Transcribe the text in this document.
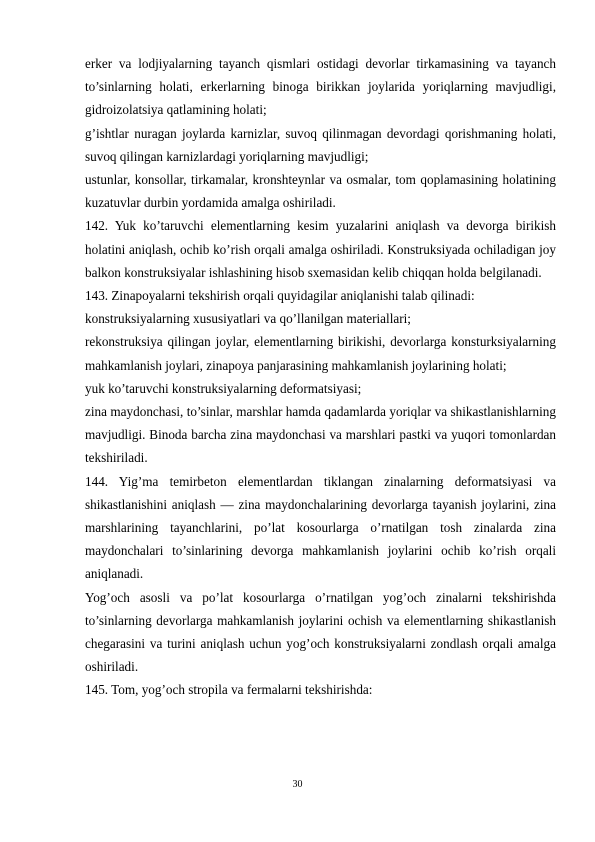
erker va lodjiyalarning tayanch qismlari ostidagi devorlar tirkamasining va tayanch to’sinlarning holati, erkerlarning binoga birikkan joylarida yoriqlarning mavjudligi, gidroizolatsiya qatlamining holati;

g’ishtlar nuragan joylarda karnizlar, suvoq qilinmagan devordagi qorishmaning holati, suvoq qilingan karnizlardagi yoriqlarning mavjudligi;

ustunlar, konsollar, tirkamalar, kronshteynlar va osmalar, tom qoplamasining holatining kuzatuvlar durbin yordamida amalga oshiriladi.

142. Yuk ko’taruvchi elementlarning kesim yuzalarini aniqlash va devorga birikish holatini aniqlash, ochib ko’rish orqali amalga oshiriladi. Konstruksiyada ochiladigan joy balkon konstruksiyalar ishlashining hisob sxemasidan kelib chiqqan holda belgilanadi.

143. Zinapoyalarni tekshirish orqali quyidagilar aniqlanishi talab qilinadi:

konstruksiyalarning xususiyatlari va qo’llanilgan materiallari;

rekonstruksiya qilingan joylar, elementlarning birikishi, devorlarga konsturksiyalarning mahkamlanish joylari, zinapoya panjarasining mahkamlanish joylarining holati;

yuk ko’taruvchi konstruksiyalarning deformatsiyasi;

zina maydonchasi, to’sinlar, marshlar hamda qadamlarda yoriqlar va shikastlanishlarning mavjudligi. Binoda barcha zina maydonchasi va marshlari pastki va yuqori tomonlardan tekshiriladi.

144. Yig’ma temirbeton elementlardan tiklangan zinalarning deformatsiyasi va shikastlanishini aniqlash — zina maydonchalarining devorlarga tayanish joylarini, zina marshlarining tayanchlarini, po’lat kosourlarga o’rnatilgan tosh zinalarda zina maydonchalari to’sinlarining devorga mahkamlanish joylarini ochib ko’rish orqali aniqlanadi.

Yog’och asosli va po’lat kosourlarga o’rnatilgan yog’och zinalarni tekshirishda to’sinlarning devorlarga mahkamlanish joylarini ochish va elementlarning shikastlanish chegarasini va turini aniqlash uchun yog’och konstruksiyalarni zondlash orqali amalga oshiriladi.

145. Tom, yog’och stropila va fermalarni tekshirishda:

30
